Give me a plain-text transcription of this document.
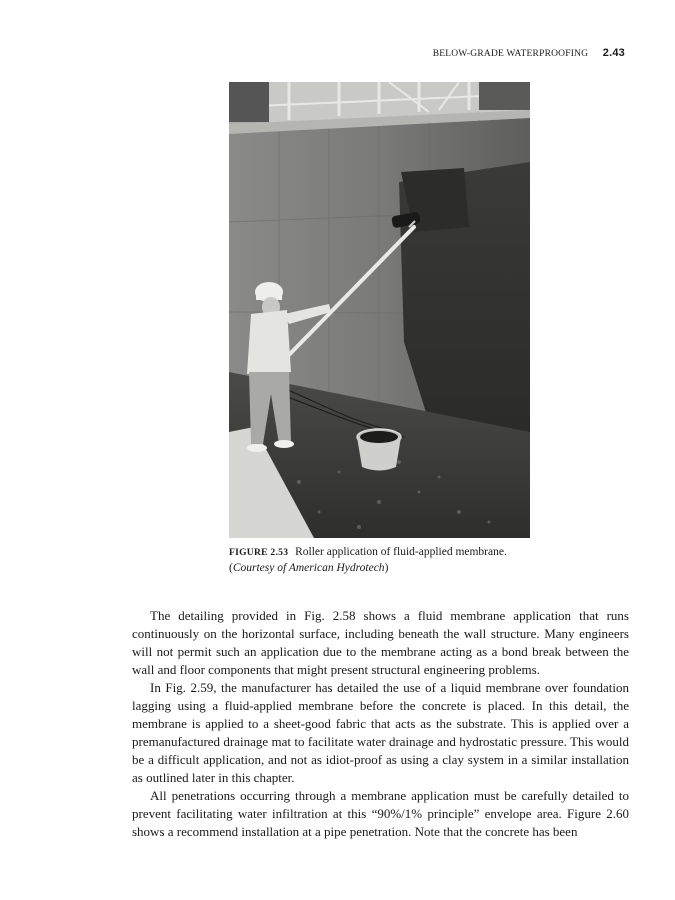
BELOW-GRADE WATERPROOFING 2.43
FIGURE 2.53 Roller application of fluid-applied membrane.
(Courtesy of American Hydrotech)

The detailing provided in Fig. 2.58 shows a fluid membrane application that runs continuously on the horizontal surface, including beneath the wall structure. Many engineers will not permit such an application due to the membrane acting as a bond break between the wall and floor components that might present structural engineering problems.

In Fig. 2.59, the manufacturer has detailed the use of a liquid membrane over foundation lagging using a fluid-applied membrane before the concrete is placed. In this detail, the membrane is applied to a sheet-good fabric that acts as the substrate. This is applied over a premanufactured drainage mat to facilitate water drainage and hydrostatic pressure. This would be a difficult application, and not as idiot-proof as using a clay system in a similar installation as outlined later in this chapter.

All penetrations occurring through a membrane application must be carefully detailed to prevent facilitating water infiltration at this “90%/1% principle” envelope area. Figure 2.60 shows a recommend installation at a pipe penetration. Note that the concrete has been
